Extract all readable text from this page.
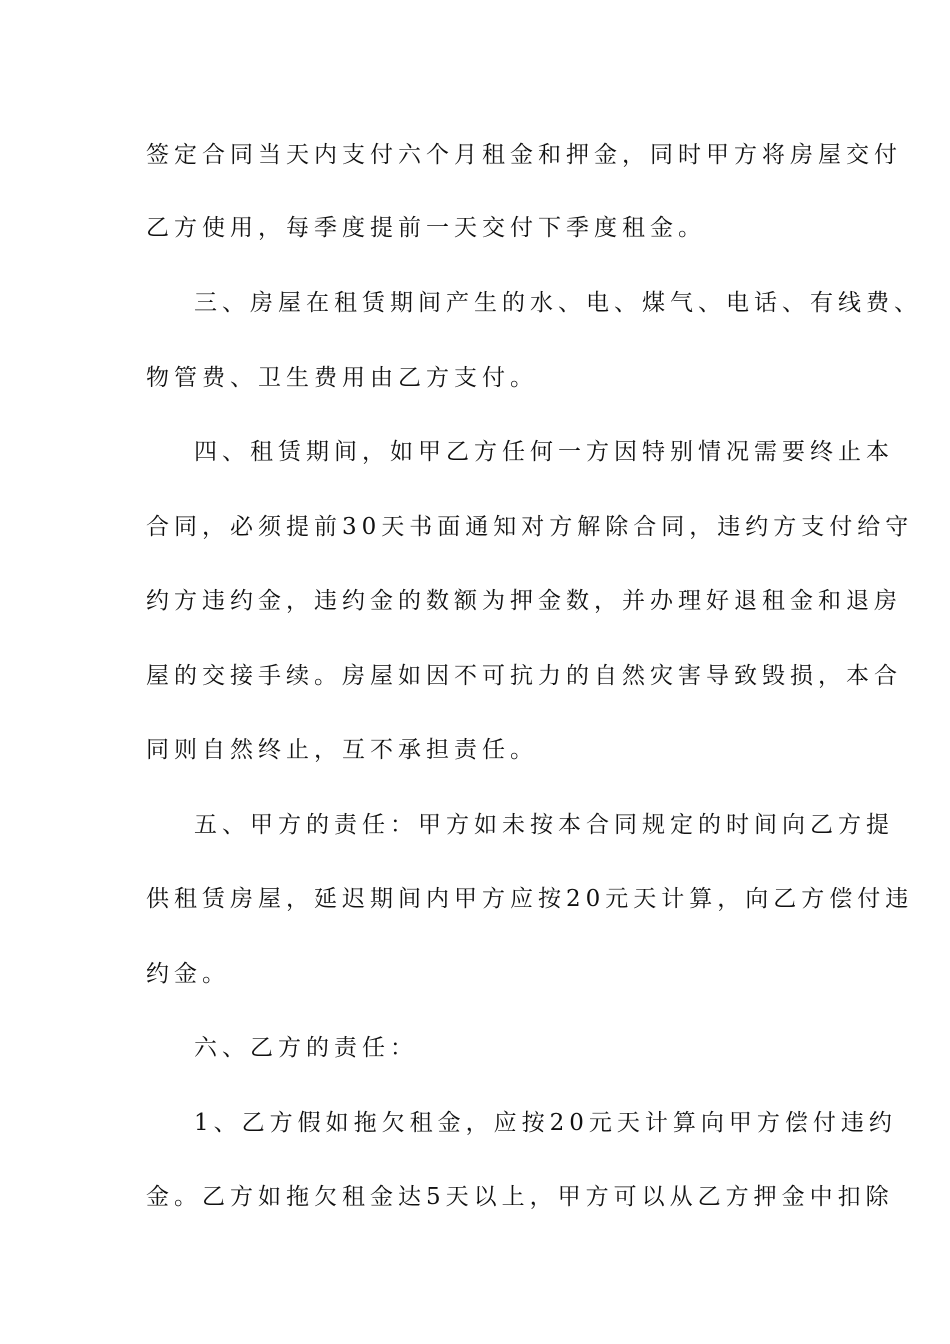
签定合同当天内支付六个月租金和押金，同时甲方将房屋交付
乙方使用，每季度提前一天交付下季度租金。
三、房屋在租赁期间产生的水、电、煤气、电话、有线费、
物管费、卫生费用由乙方支付。
四、租赁期间，如甲乙方任何一方因特别情况需要终止本
合同，必须提前30天书面通知对方解除合同，违约方支付给守
约方违约金，违约金的数额为押金数，并办理好退租金和退房
屋的交接手续。房屋如因不可抗力的自然灾害导致毁损，本合
同则自然终止，互不承担责任。
五、甲方的责任：甲方如未按本合同规定的时间向乙方提
供租赁房屋，延迟期间内甲方应按20元天计算，向乙方偿付违
约金。
六、乙方的责任：
1、乙方假如拖欠租金，应按20元天计算向甲方偿付违约
金。乙方如拖欠租金达5天以上，甲方可以从乙方押金中扣除
